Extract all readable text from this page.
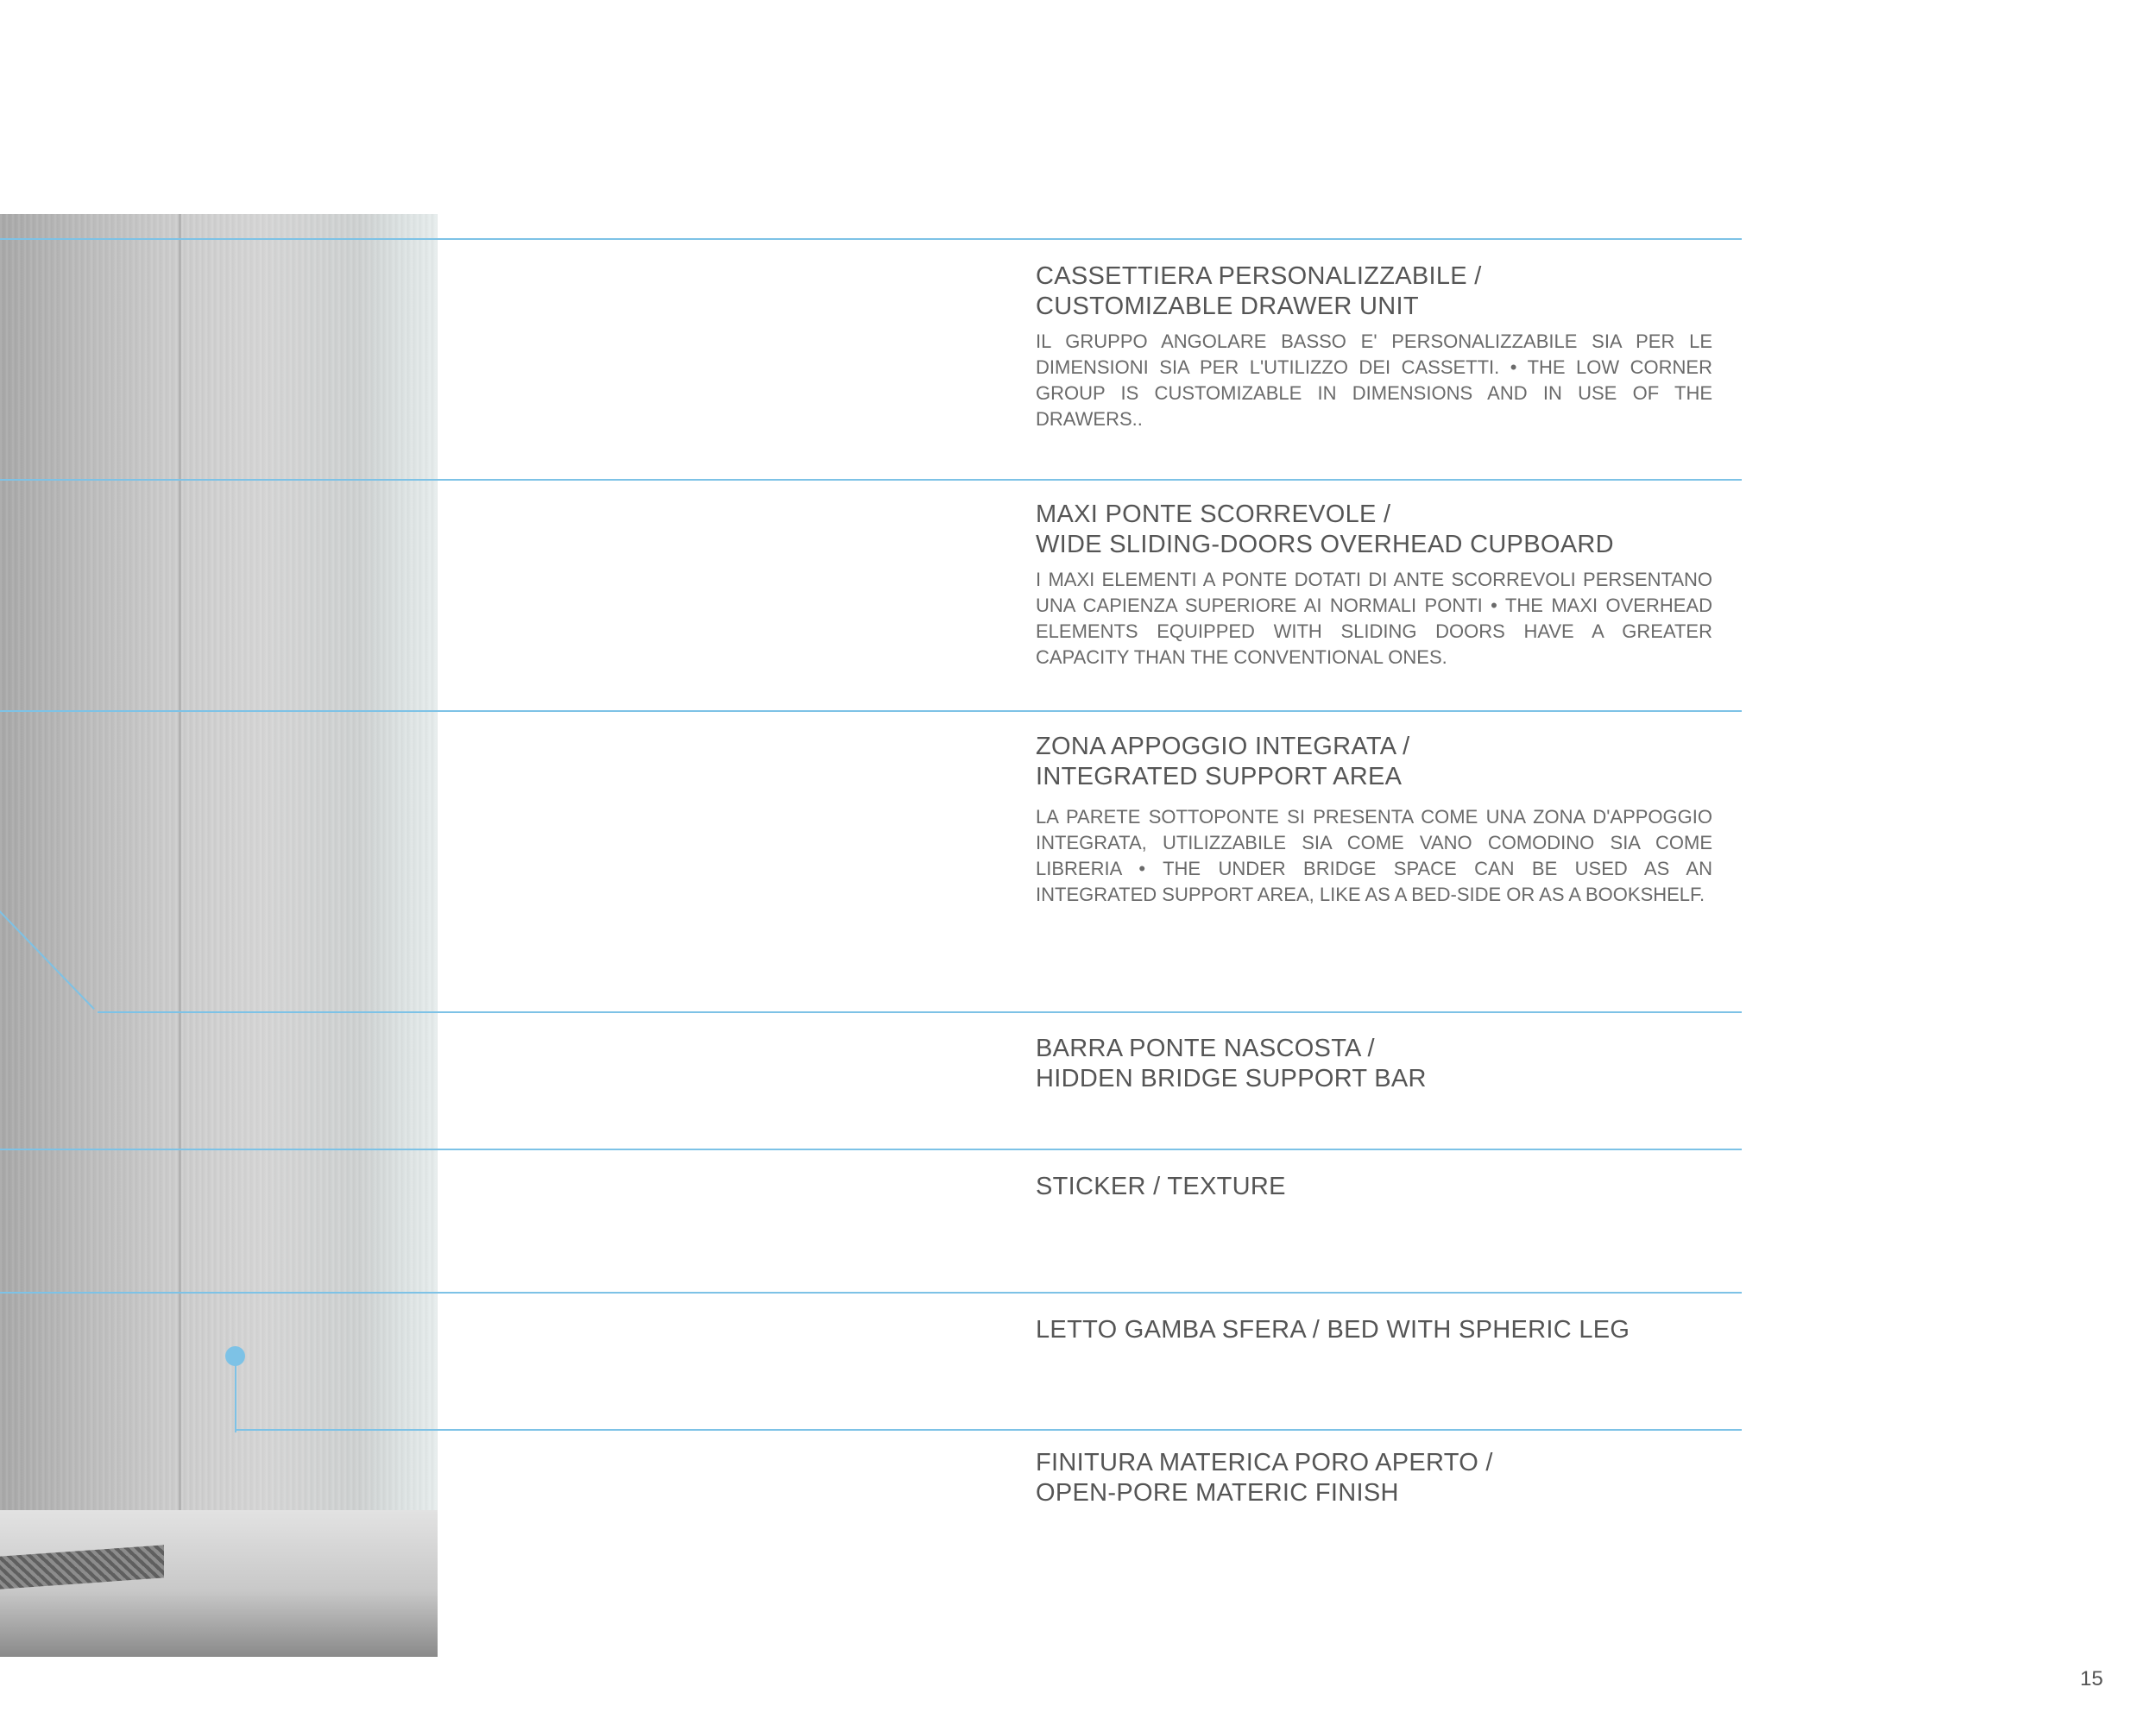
CASSETTIERA PERSONALIZZABILE /
CUSTOMIZABLE DRAWER UNIT
IL GRUPPO ANGOLARE BASSO E' PERSONALIZZABILE SIA PER LE DIMENSIONI SIA PER L'UTILIZZO DEI CASSETTI. • THE LOW CORNER GROUP IS CUSTOMIZABLE IN DIMENSIONS AND IN USE OF THE DRAWERS..
MAXI PONTE SCORREVOLE /
WIDE SLIDING-DOORS OVERHEAD CUPBOARD
I MAXI ELEMENTI A PONTE DOTATI DI ANTE SCORREVOLI PERSENTANO UNA CAPIENZA SUPERIORE AI NORMALI PONTI • THE MAXI OVERHEAD ELEMENTS EQUIPPED WITH SLIDING DOORS HAVE A GREATER CAPACITY THAN THE CONVENTIONAL ONES.
ZONA APPOGGIO INTEGRATA /
INTEGRATED SUPPORT AREA
LA PARETE SOTTOPONTE SI PRESENTA COME UNA ZONA D'APPOGGIO INTEGRATA, UTILIZZABILE SIA COME VANO COMODINO SIA COME LIBRERIA • THE UNDER BRIDGE SPACE CAN BE USED AS AN INTEGRATED SUPPORT AREA, LIKE AS A BED-SIDE OR AS A BOOKSHELF.
BARRA PONTE NASCOSTA /
HIDDEN BRIDGE SUPPORT BAR
STICKER / TEXTURE
LETTO GAMBA SFERA / BED WITH SPHERIC LEG
FINITURA MATERICA PORO APERTO /
OPEN-PORE MATERIC FINISH
15
